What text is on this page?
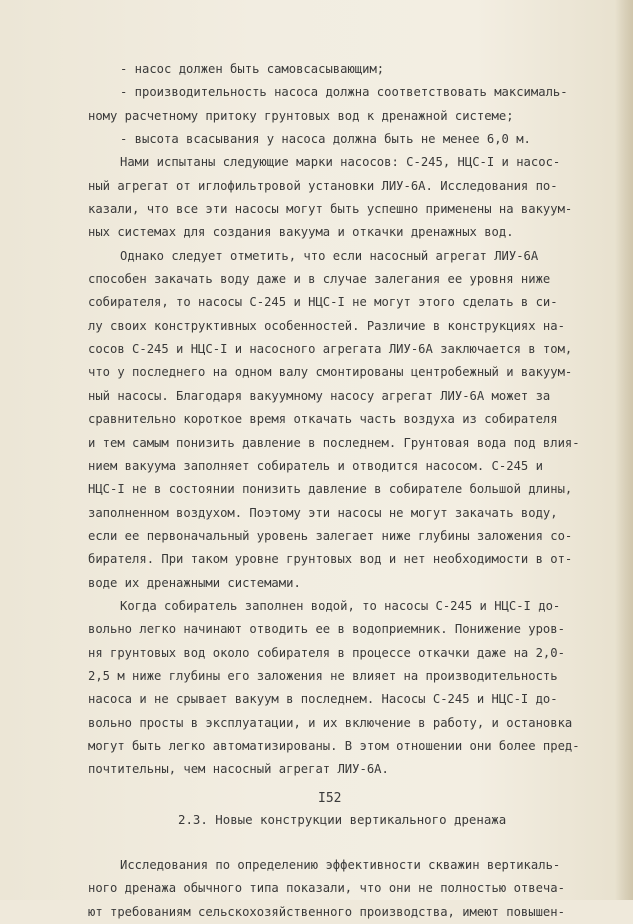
- насос должен быть самовсасывающим;
- производительность насоса должна соответствовать максималь-
ному расчетному притоку грунтовых вод к дренажной системе;
- высота всасывания у насоса должна быть не менее 6,0 м.
Нами испытаны следующие марки насосов: С-245, НЦС-I и насос-
ный агрегат от иглофильтровой установки ЛИУ-6А. Исследования по-
казали, что все эти насосы могут быть успешно применены на вакуум-
ных системах для создания вакуума и откачки дренажных вод.
Однако следует отметить, что если насосный агрегат ЛИУ-6А
способен закачать воду даже и в случае залегания ее уровня ниже
собирателя, то насосы С-245 и НЦС-I не могут этого сделать в си-
лу своих конструктивных особенностей. Различие в конструкциях на-
сосов С-245 и НЦС-I и насосного агрегата ЛИУ-6А заключается в том,
что у последнего на одном валу смонтированы центробежный и вакуум-
ный насосы. Благодаря вакуумному насосу агрегат ЛИУ-6А может за
сравнительно короткое время откачать часть воздуха из собирателя
и тем самым понизить давление в последнем. Грунтовая вода под влия-
нием вакуума заполняет собиратель и отводится насосом. С-245 и
НЦС-I не в состоянии понизить давление в собирателе большой длины,
заполненном воздухом. Поэтому эти насосы не могут закачать воду,
если ее первоначальный уровень залегает ниже глубины заложения со-
бирателя. При таком уровне грунтовых вод и нет необходимости в от-
воде их дренажными системами.
Когда собиратель заполнен водой, то насосы С-245 и НЦС-I до-
вольно легко начинают отводить ее в водоприемник. Понижение уров-
ня грунтовых вод около собирателя в процессе откачки даже на 2,0-
2,5 м ниже глубины его заложения не влияет на производительность
насоса и не срывает вакуум в последнем. Насосы С-245 и НЦС-I до-
вольно просты в эксплуатации, и их включение в работу, и остановка
могут быть легко автоматизированы. В этом отношении они более пред-
почтительны, чем насосный агрегат ЛИУ-6А.
2.3. Новые конструкции вертикального дренажа
Исследования по определению эффективности скважин вертикаль-
ного дренажа обычного типа показали, что они не полностью отвеча-
ют требованиям сельскохозяйственного производства, имеют повышен-
I52
